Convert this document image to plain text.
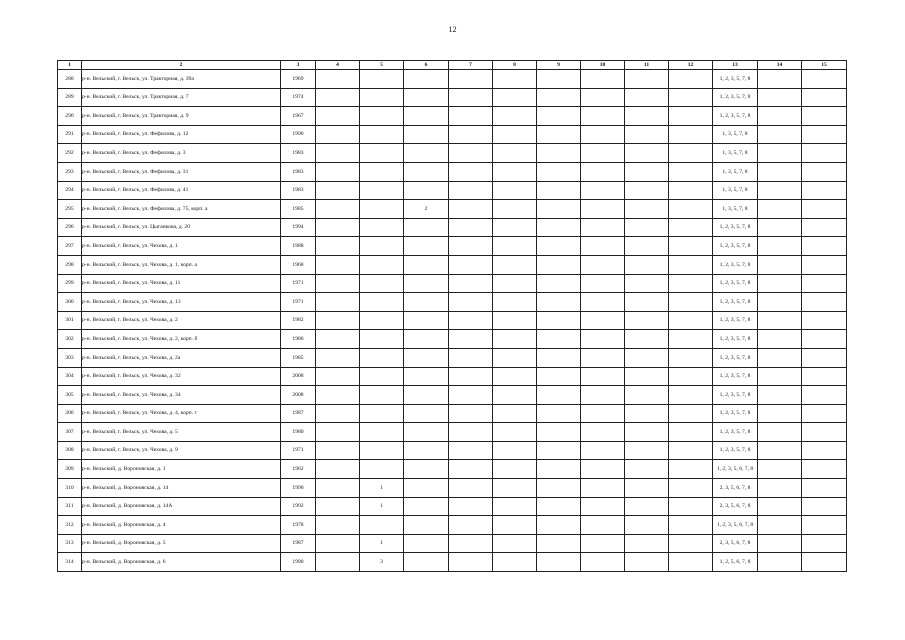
12
1	2	3	4	5	6	7	8	9	10	11	12	13	14	15
288	р-н. Вельский, г. Вельск, ул. Тракторная, д. 39а	1969										1, 2, 3, 5, 7, 8		
289	р-н. Вельский, г. Вельск, ул. Тракторная, д. 7	1974										1, 2, 3, 5, 7, 8		
290	р-н. Вельский, г. Вельск, ул. Тракторная, д. 9	1967										1, 2, 3, 5, 7, 8		
291	р-н. Вельский, г. Вельск, ул. Фефилова, д. 12	1990										1, 3, 5, 7, 8		
292	р-н. Вельский, г. Вельск, ул. Фефилова, д. 3	1983										1, 3, 5, 7, 8		
293	р-н. Вельский, г. Вельск, ул. Фефилова, д. 31	1983										1, 3, 5, 7, 8		
294	р-н. Вельский, г. Вельск, ул. Фефилова, д. 41	1983										1, 3, 5, 7, 8		
295	р-н. Вельский, г. Вельск, ул. Фефилова, д. 75, корп. а	1985			2							1, 3, 5, 7, 8		
296	р-н. Вельский, г. Вельск, ул. Цыганкова, д. 20	1994										1, 2, 3, 5, 7, 8		
297	р-н. Вельский, г. Вельск, ул. Чехова, д. 1	1988										1, 2, 3, 5, 7, 8		
298	р-н. Вельский, г. Вельск, ул. Чехова, д. 1, корп. а	1968										1, 2, 3, 5, 7, 8		
299	р-н. Вельский, г. Вельск, ул. Чехова, д. 11	1971										1, 2, 3, 5, 7, 8		
300	р-н. Вельский, г. Вельск, ул. Чехова, д. 13	1971										1, 2, 3, 5, 7, 8		
301	р-н. Вельский, г. Вельск, ул. Чехова, д. 2	1982										1, 2, 3, 5, 7, 8		
302	р-н. Вельский, г. Вельск, ул. Чехова, д. 2, корп. б	1986										1, 2, 3, 5, 7, 8		
303	р-н. Вельский, г. Вельск, ул. Чехова, д. 2а	1985										1, 2, 3, 5, 7, 8		
304	р-н. Вельский, г. Вельск, ул. Чехова, д. 32	2008										1, 2, 3, 5, 7, 8		
305	р-н. Вельский, г. Вельск, ул. Чехова, д. 34	2008										1, 2, 3, 5, 7, 8		
306	р-н. Вельский, г. Вельск, ул. Чехова, д. 4, корп. г	1987										1, 2, 3, 5, 7, 8		
307	р-н. Вельский, г. Вельск, ул. Чехова, д. 5	1980										1, 2, 3, 5, 7, 8		
308	р-н. Вельский, г. Вельск, ул. Чехова, д. 9	1971										1, 2, 3, 5, 7, 8		
309	р-н. Вельский, д. Вороновская, д. 1	1962										1, 2, 3, 5, 6, 7, 8		
310	р-н. Вельский, д. Вороновская, д. 14	1990		1								2, 3, 5, 6, 7, 8		
311	р-н. Вельский, д. Вороновская, д. 14А	1992		1								2, 3, 5, 6, 7, 8		
312	р-н. Вельский, д. Вороновская, д. 4	1978										1, 2, 3, 5, 6, 7, 8		
313	р-н. Вельский, д. Вороновская, д. 5	1987		1								2, 3, 5, 6, 7, 8		
314	р-н. Вельский, д. Вороновская, д. 6	1990		3								1, 2, 5, 6, 7, 8		
